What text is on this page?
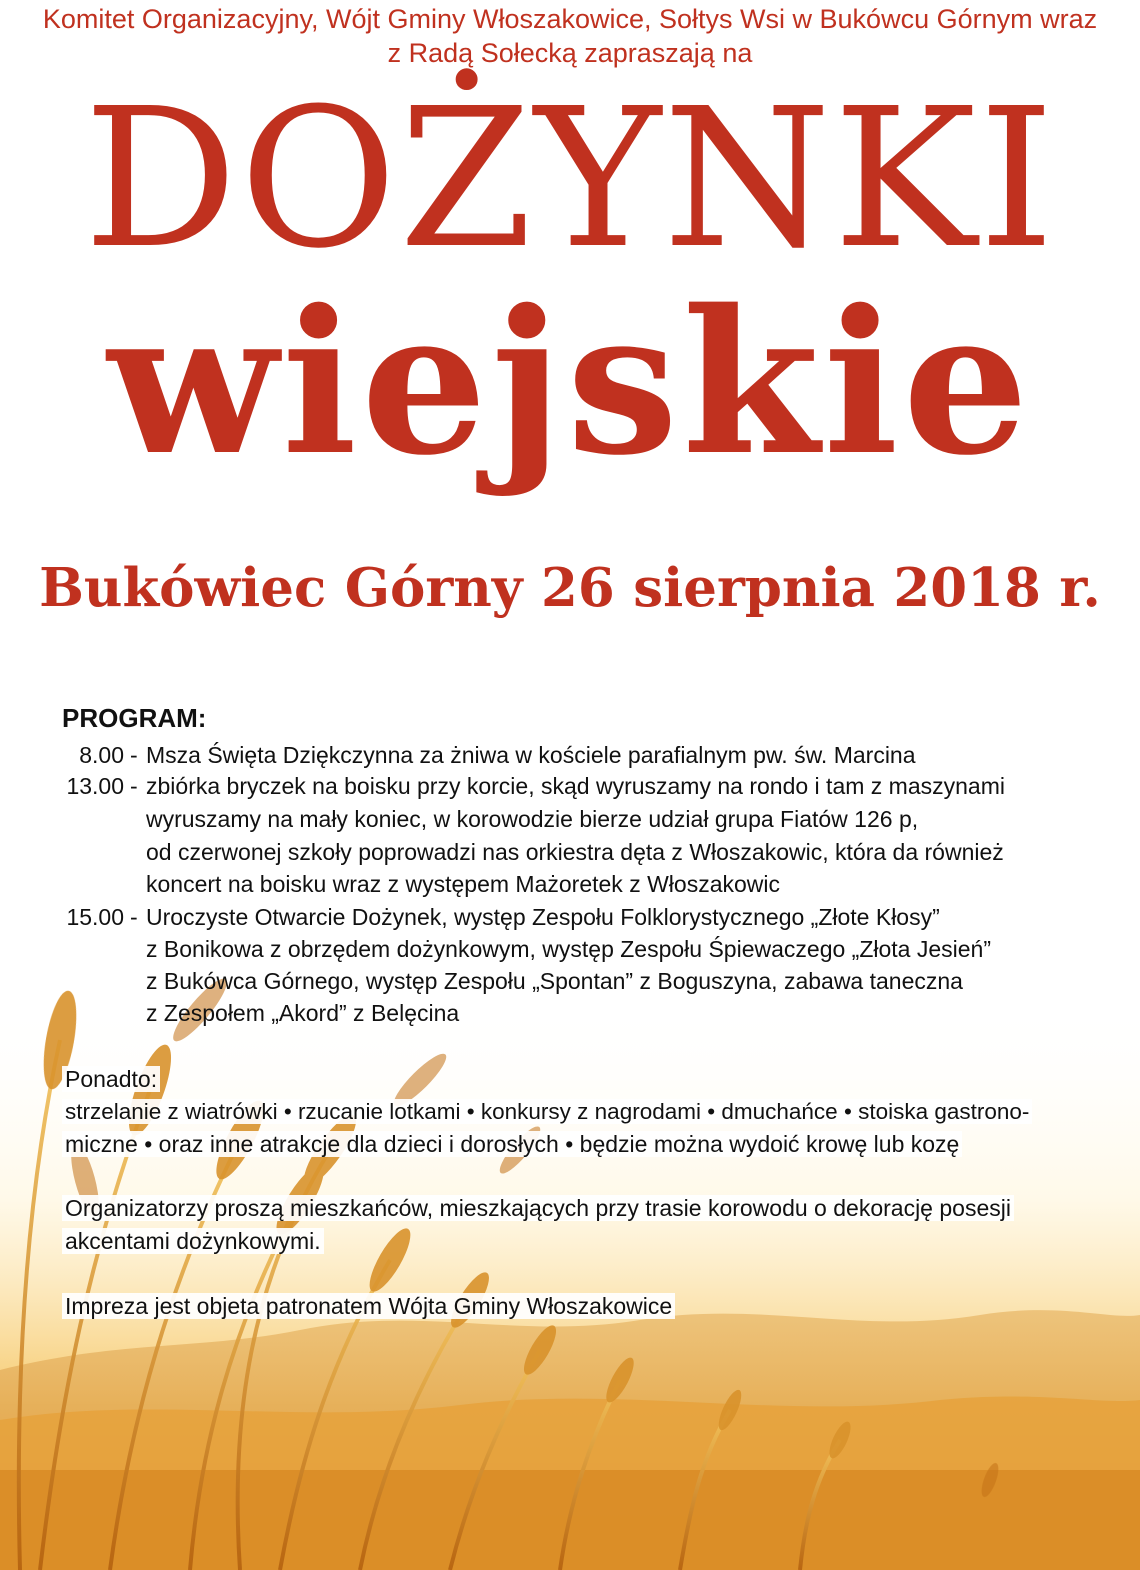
Komitet Organizacyjny, Wójt Gminy Włoszakowice, Sołtys Wsi w Bukówcu Górnym wraz
z Radą Sołecką zapraszają na
DOŻYNKI
wiejskie
Bukówiec Górny 26 sierpnia 2018 r.
PROGRAM:
8.00 - Msza Święta Dziękczynna za żniwa w kościele parafialnym pw. św. Marcina
13.00 - zbiórka bryczek na boisku przy korcie, skąd wyruszamy na rondo i tam z maszynami
wyruszamy na mały koniec, w korowodzie bierze udział grupa Fiatów 126 p,
od czerwonej szkoły poprowadzi nas orkiestra dęta z Włoszakowic, która da również
koncert na boisku wraz z występem Mażoretek z Włoszakowic
15.00 - Uroczyste Otwarcie Dożynek, występ Zespołu Folklorystycznego „Złote Kłosy”
z Bonikowa z obrzędem dożynkowym, występ Zespołu Śpiewaczego „Złota Jesień”
z Bukówca Górnego, występ Zespołu „Spontan” z Boguszyna, zabawa taneczna
z Zespołem „Akord” z Belęcina
Ponadto:
strzelanie z wiatrówki • rzucanie lotkami • konkursy z nagrodami • dmuchańce • stoiska gastrono-
miczne • oraz inne atrakcje dla dzieci i dorosłych • będzie można wydoić krowę lub kozę
Organizatorzy proszą mieszkańców, mieszkających przy trasie korowodu o dekorację posesji
akcentami dożynkowymi.
Impreza jest objeta patronatem Wójta Gminy Włoszakowice
